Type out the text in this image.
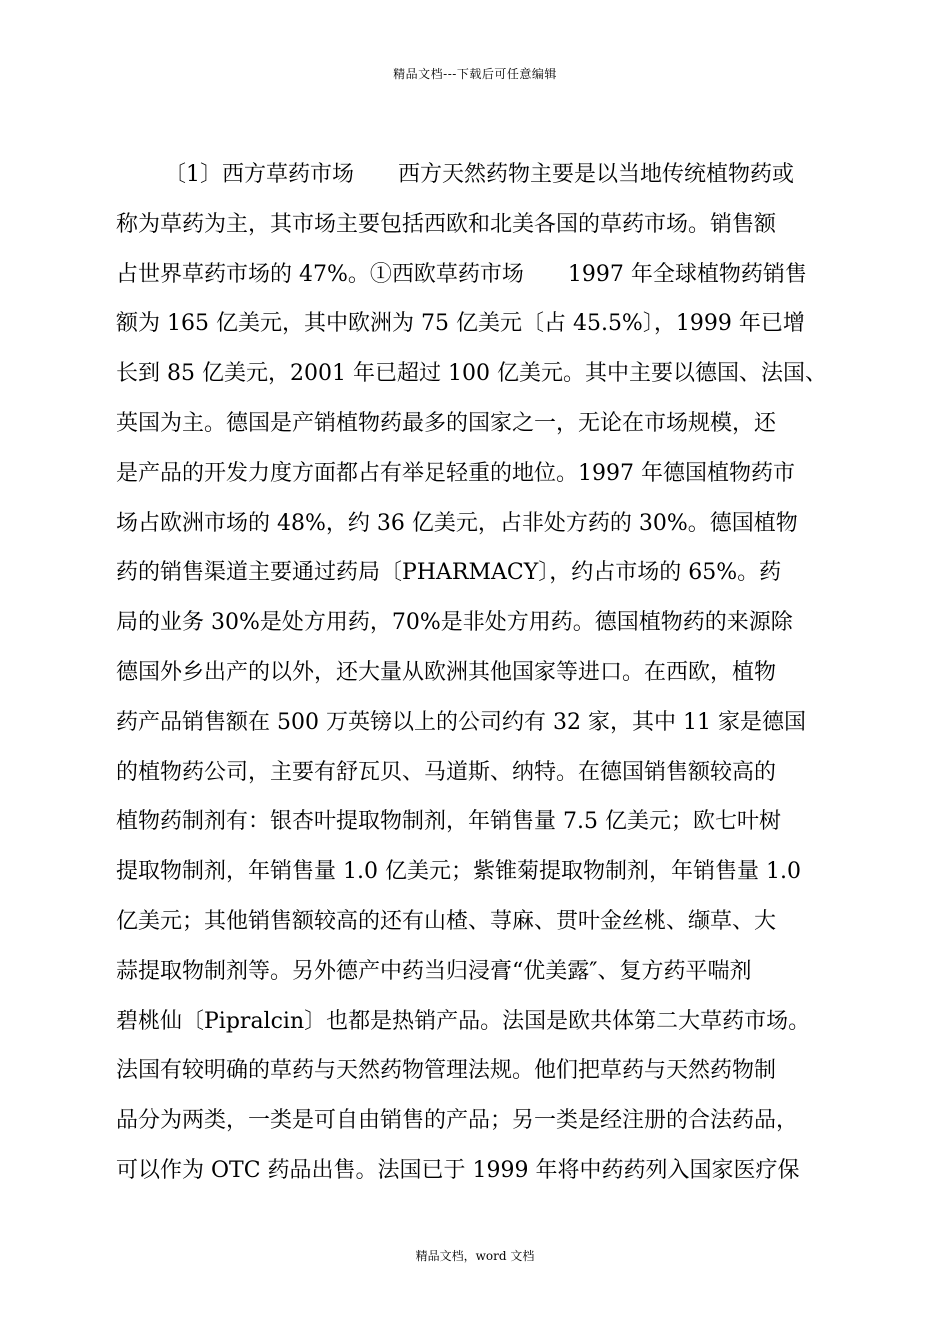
精品文档---下载后可任意编辑
〔1〕西方草药市场　　西方天然药物主要是以当地传统植物药或
称为草药为主，其市场主要包括西欧和北美各国的草药市场。销售额
占世界草药市场的 47%。①西欧草药市场　　1997 年全球植物药销售
额为 165 亿美元，其中欧洲为 75 亿美元〔占 45.5%〕，1999 年已增
长到 85 亿美元，2001 年已超过 100 亿美元。其中主要以德国、法国、
英国为主。德国是产销植物药最多的国家之一，无论在市场规模，还
是产品的开发力度方面都占有举足轻重的地位。1997 年德国植物药市
场占欧洲市场的 48%，约 36 亿美元，占非处方药的 30%。德国植物
药的销售渠道主要通过药局〔PHARMACY〕，约占市场的 65%。药
局的业务 30%是处方用药，70%是非处方用药。德国植物药的来源除
德国外乡出产的以外，还大量从欧洲其他国家等进口。在西欧，植物
药产品销售额在 500 万英镑以上的公司约有 32 家，其中 11 家是德国
的植物药公司，主要有舒瓦贝、马道斯、纳特。在德国销售额较高的
植物药制剂有：银杏叶提取物制剂，年销售量 7.5 亿美元；欧七叶树
提取物制剂，年销售量 1.0 亿美元；紫锥菊提取物制剂，年销售量 1.0
亿美元；其他销售额较高的还有山楂、荨麻、贯叶金丝桃、缬草、大
蒜提取物制剂等。另外德产中药当归浸膏“优美露″、复方药平喘剂
碧桃仙〔Pipralcin〕也都是热销产品。法国是欧共体第二大草药市场。
法国有较明确的草药与天然药物管理法规。他们把草药与天然药物制
品分为两类，一类是可自由销售的产品；另一类是经注册的合法药品，
可以作为 OTC 药品出售。法国已于 1999 年将中药药列入国家医疗保
精品文档，word 文档
